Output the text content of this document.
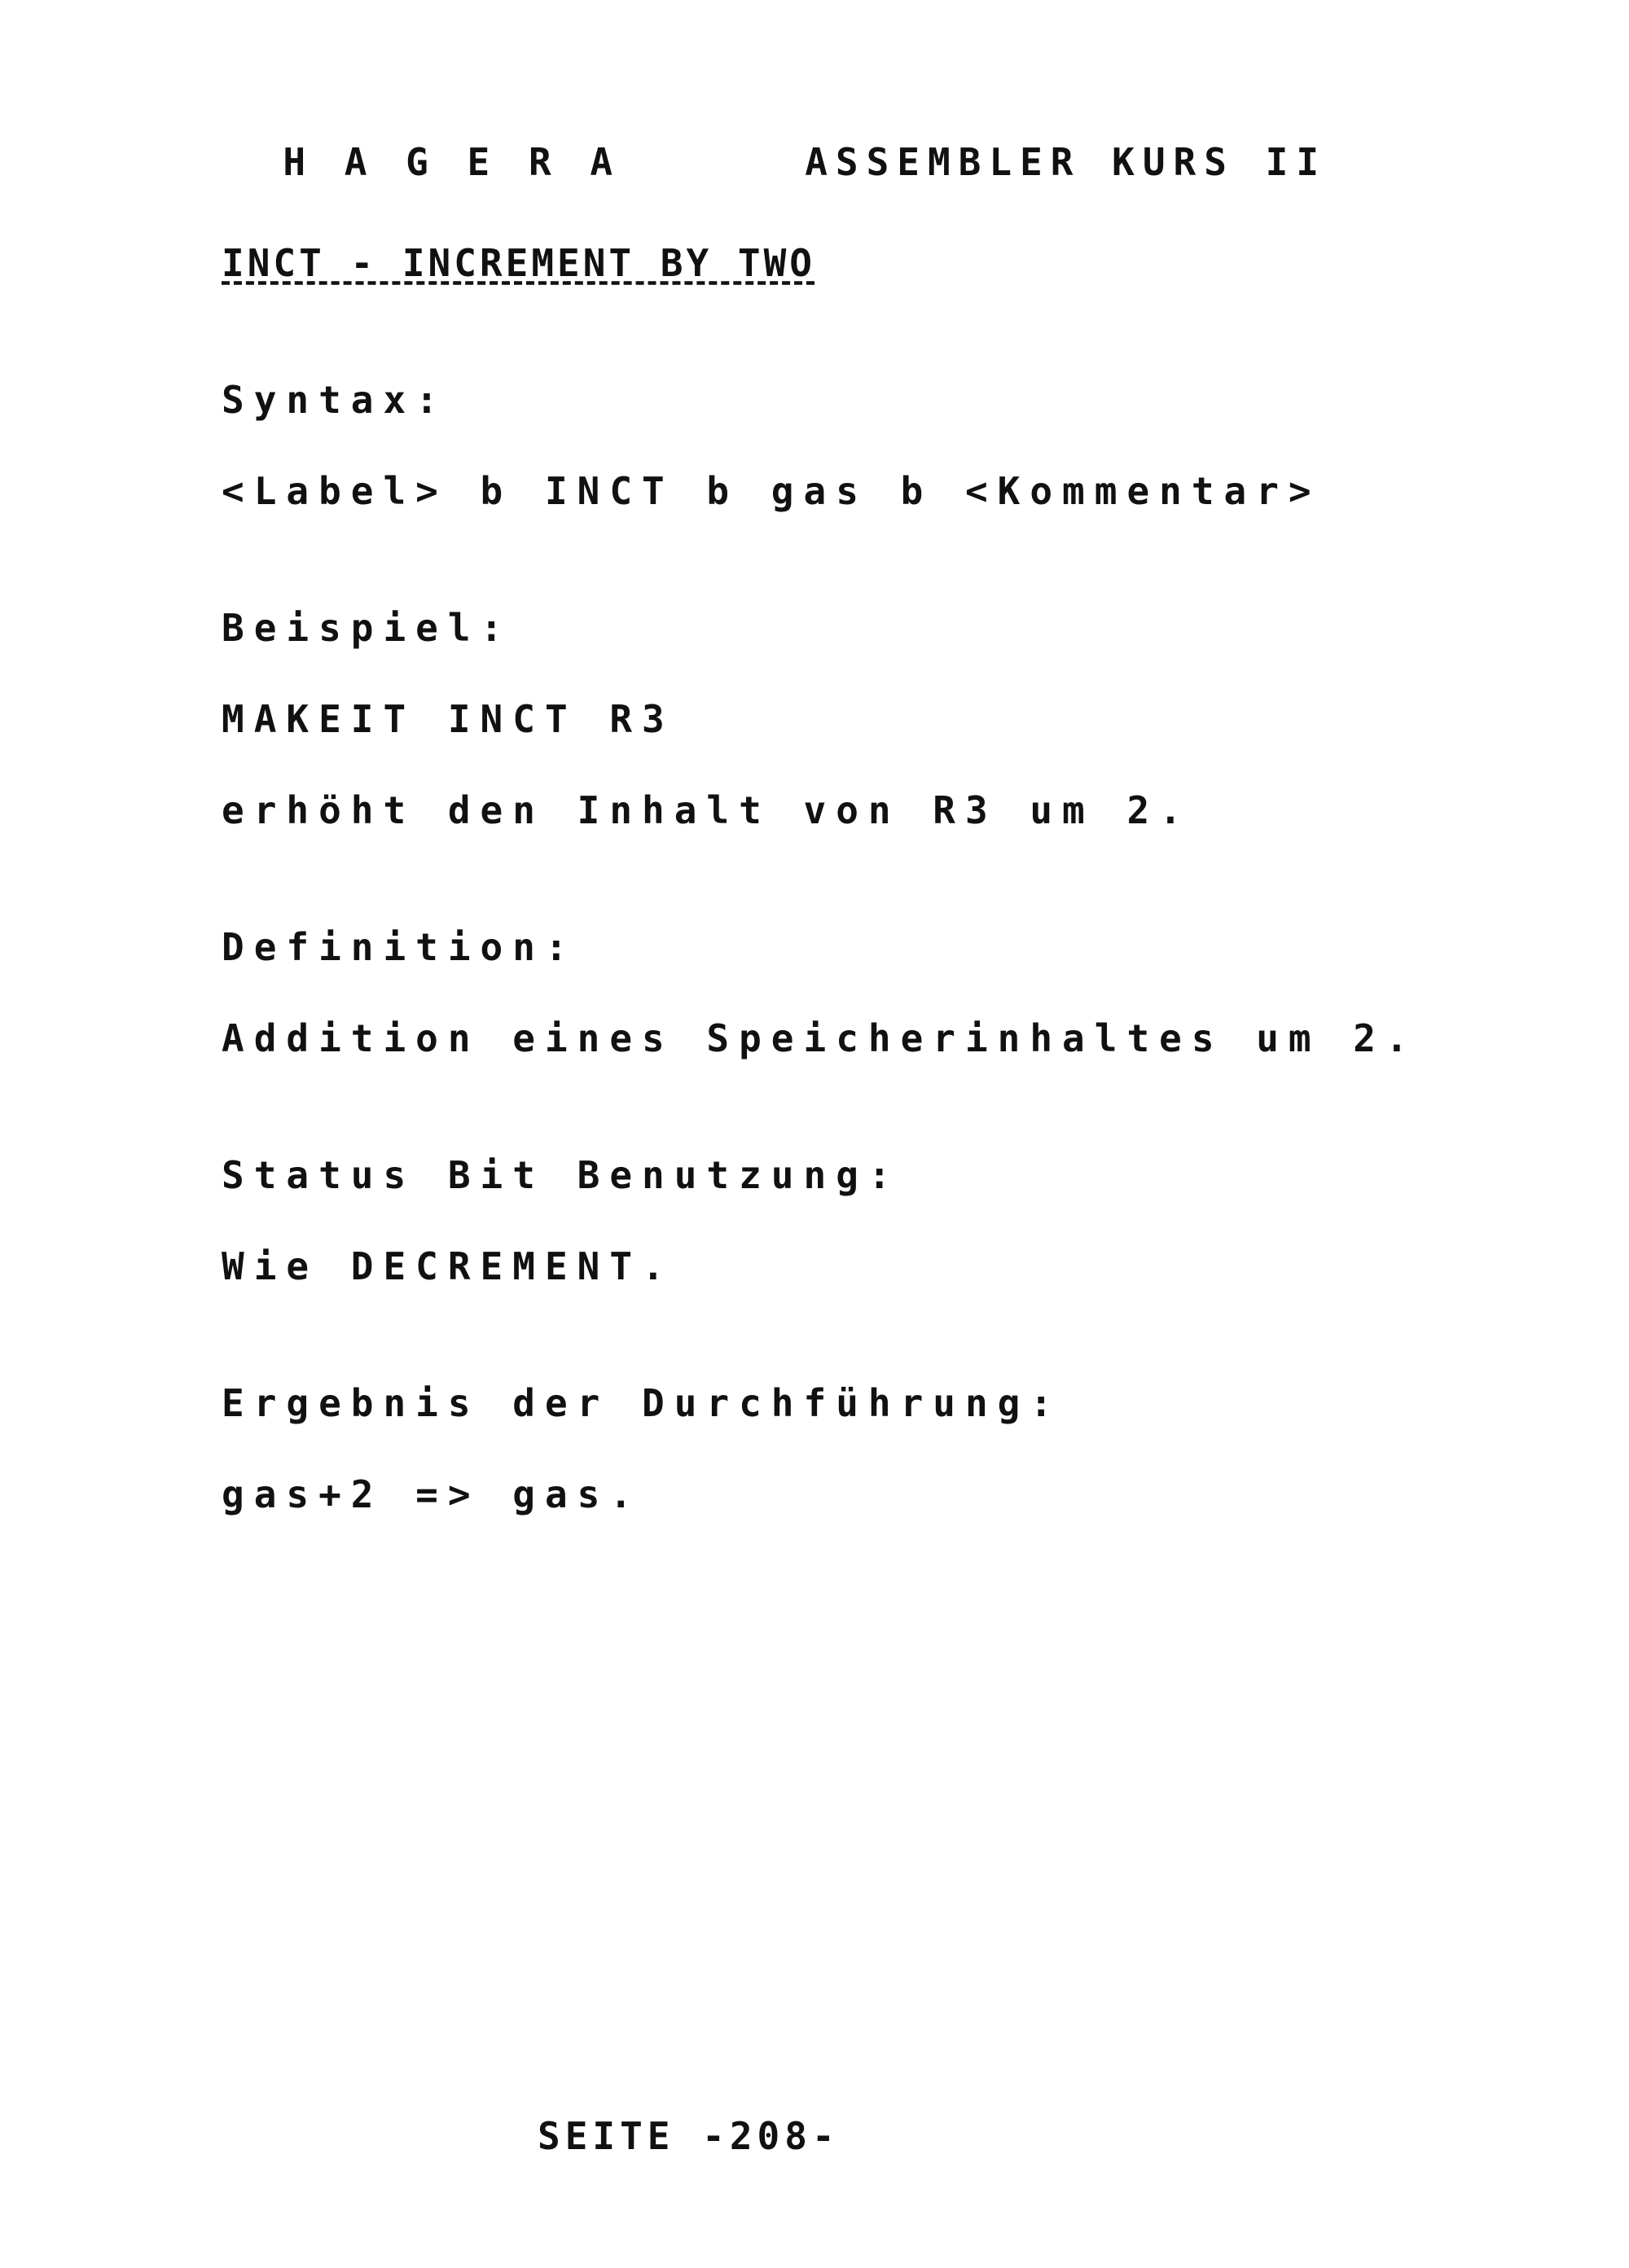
H A G E R A	ASSEMBLER KURS II

INCT - INCREMENT BY TWO
Syntax:
<Label> b INCT b gas b <Kommentar>
Beispiel:
MAKEIT INCT R3
erhöht den Inhalt von R3 um 2.
Definition:
Addition eines Speicherinhaltes um 2.
Status Bit Benutzung:
Wie DECREMENT.
Ergebnis der Durchführung:
gas+2 => gas.
SEITE -208-
